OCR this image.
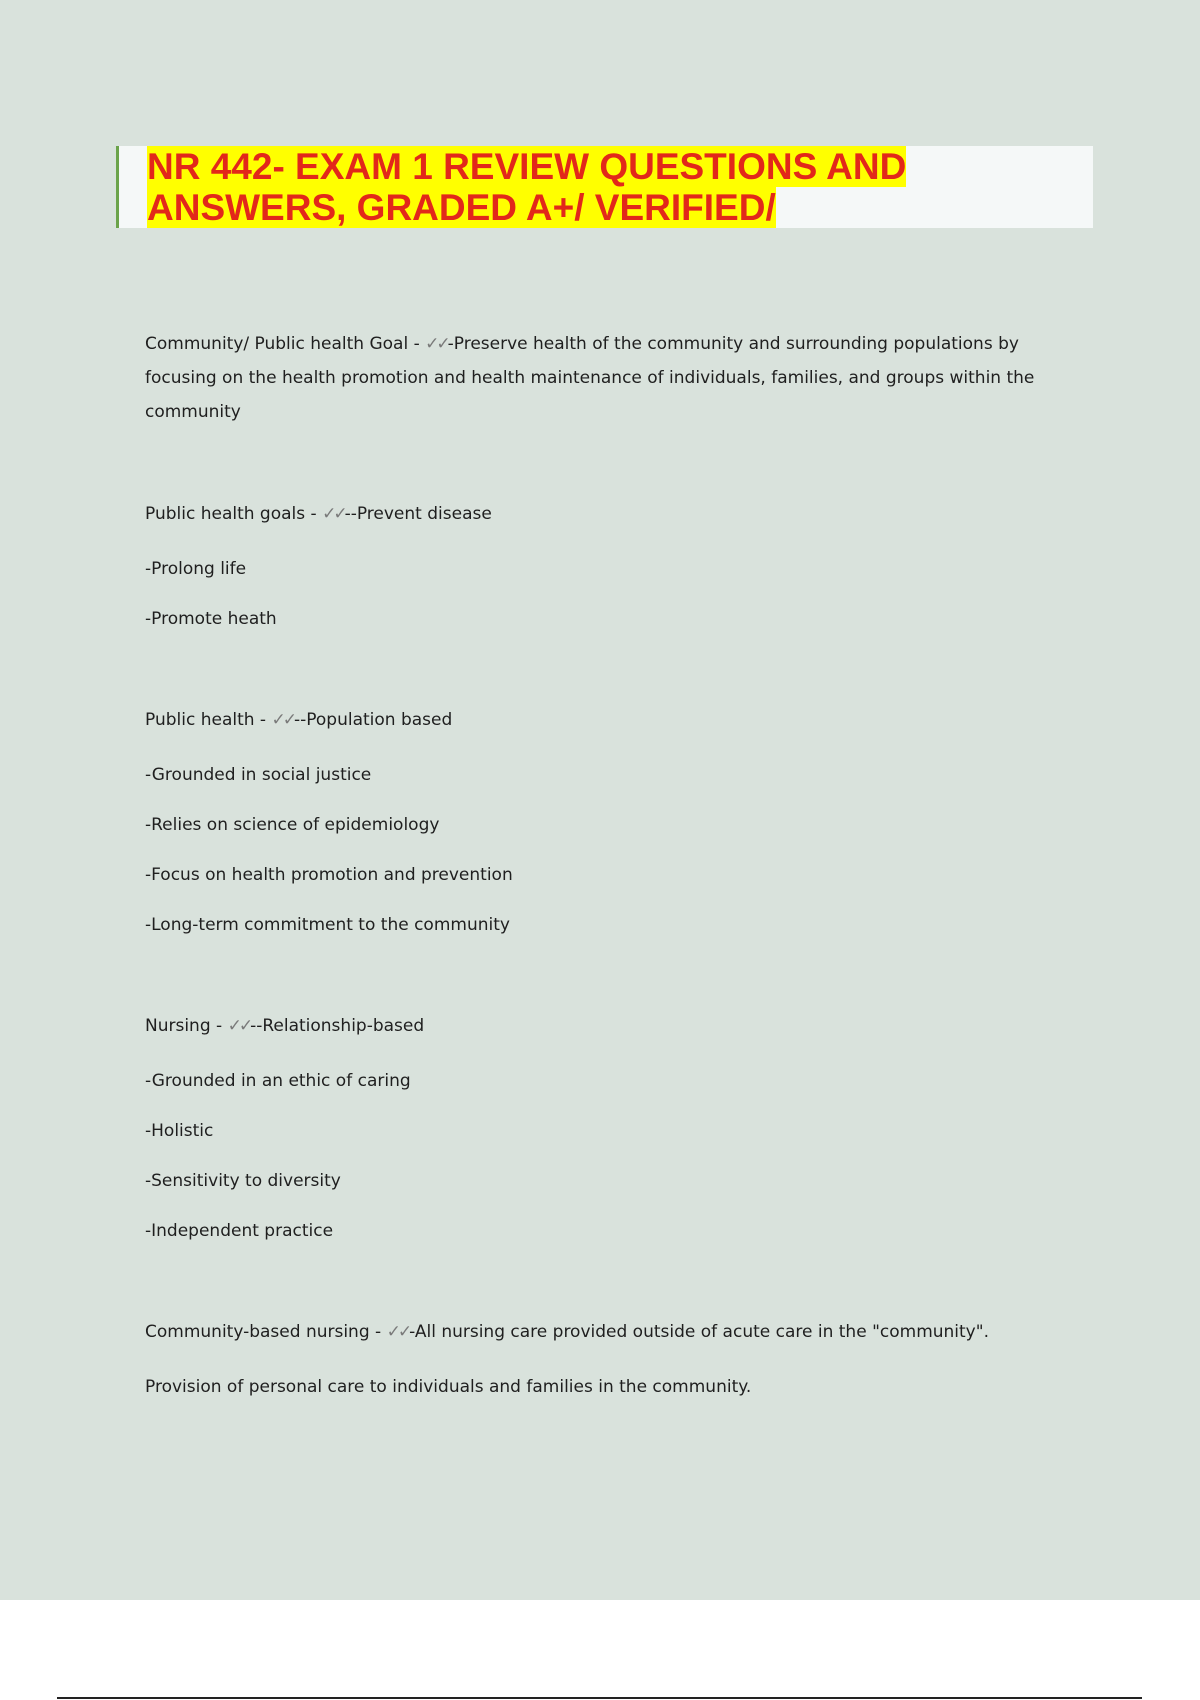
NR 442- EXAM 1 REVIEW QUESTIONS AND
ANSWERS, GRADED A+/ VERIFIED/

Community/ Public health Goal - ✓✓-Preserve health of the community and surrounding populations by focusing on the health promotion and health maintenance of individuals, families, and groups within the community

Public health goals - ✓✓--Prevent disease

-Prolong life

-Promote heath

Public health - ✓✓--Population based

-Grounded in social justice

-Relies on science of epidemiology

-Focus on health promotion and prevention

-Long-term commitment to the community

Nursing - ✓✓--Relationship-based

-Grounded in an ethic of caring

-Holistic

-Sensitivity to diversity

-Independent practice

Community-based nursing - ✓✓-All nursing care provided outside of acute care in the "community".

Provision of personal care to individuals and families in the community.
